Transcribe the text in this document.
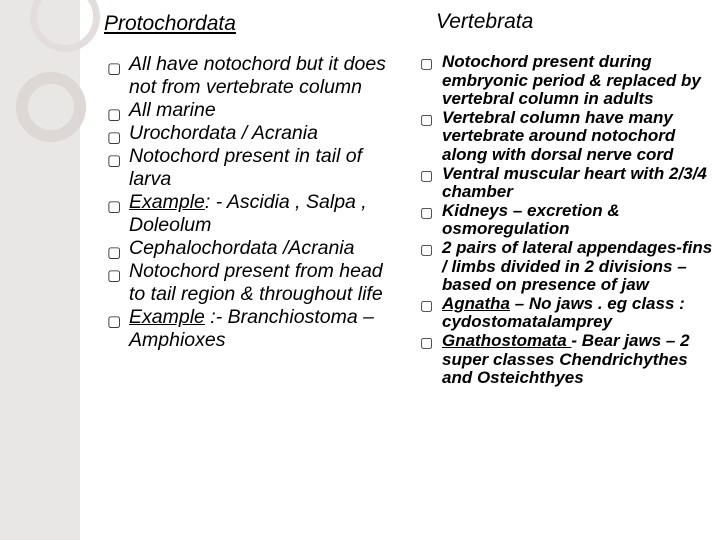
Protochordata	Vertebrata
▢ All have notochord but it does not from vertebrate column
▢ All marine
▢ Urochordata / Acrania
▢ Notochord present in tail of larva
▢ Example: - Ascidia , Salpa , Doleolum
▢ Cephalochordata /Acrania
▢ Notochord present from head to tail region & throughout life
▢ Example :- Branchiostoma – Amphioxes
▢ Notochord present during embryonic period & replaced by vertebral column in adults
▢ Vertebral column have many vertebrate around notochord along with dorsal nerve cord
▢ Ventral muscular heart with 2/3/4 chamber
▢ Kidneys – excretion & osmoregulation
▢ 2 pairs of lateral appendages-fins / limbs divided in 2 divisions – based on presence of jaw
▢ Agnatha – No jaws . eg class : cydostomatalamprey
▢ Gnathostomata - Bear jaws – 2 super classes Chendrichythes and Osteichthyes
